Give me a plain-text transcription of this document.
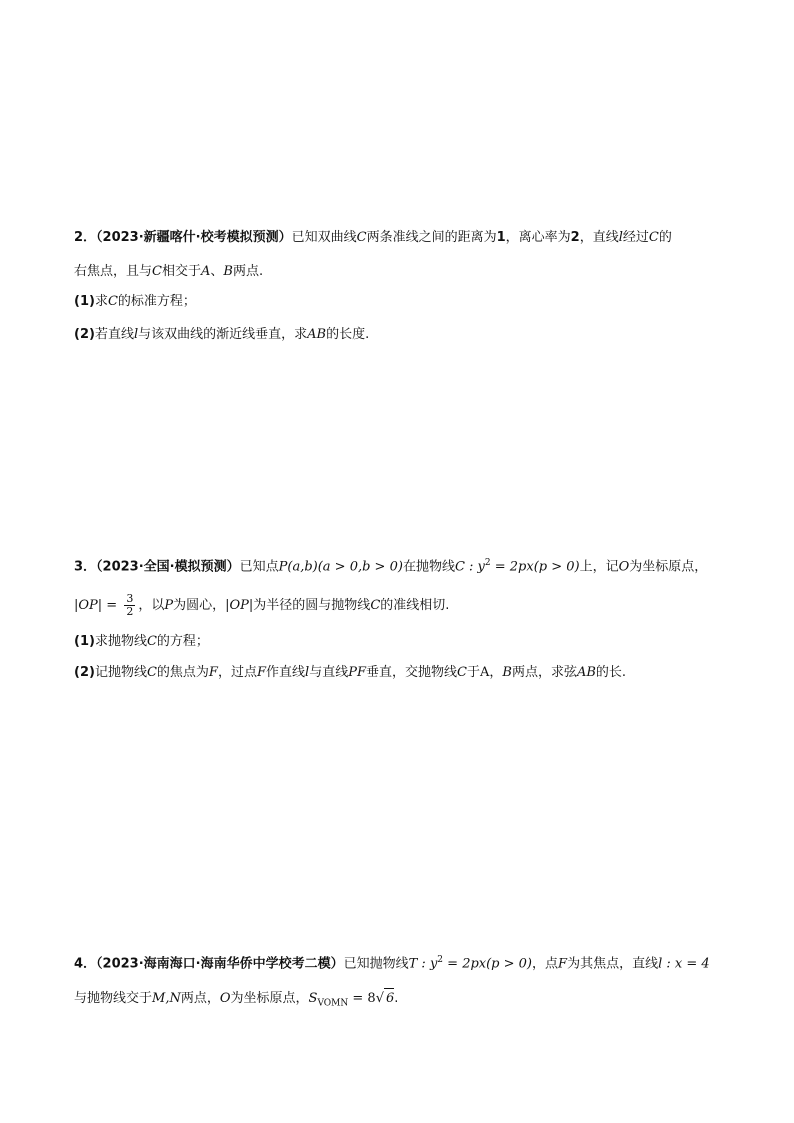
2．（2023·新疆喀什·校考模拟预测）已知双曲线C两条准线之间的距离为1，离心率为2，直线l经过C的
右焦点，且与C相交于A、B两点.
(1)求C的标准方程；
(2)若直线l与该双曲线的渐近线垂直，求AB的长度.
3．（2023·全国·模拟预测）已知点P(a,b)(a > 0,b > 0)在抛物线C : $y^2 = 2px(p > 0)$上，记O为坐标原点，
$|OP| = \frac{3}{2}$ ，以P为圆心，|OP|为半径的圆与抛物线C的准线相切.
(1)求抛物线C的方程；
(2)记抛物线C的焦点为F，过点F作直线l与直线PF垂直，交抛物线C于A，B两点，求弦AB的长.
4．（2023·海南海口·海南华侨中学校考二模）已知抛物线T : $y^2 = 2px(p > 0)$，点F为其焦点，直线l : x = 4
与抛物线交于M,N两点，O为坐标原点，$S_{VOMN} = 8√$ 6.
